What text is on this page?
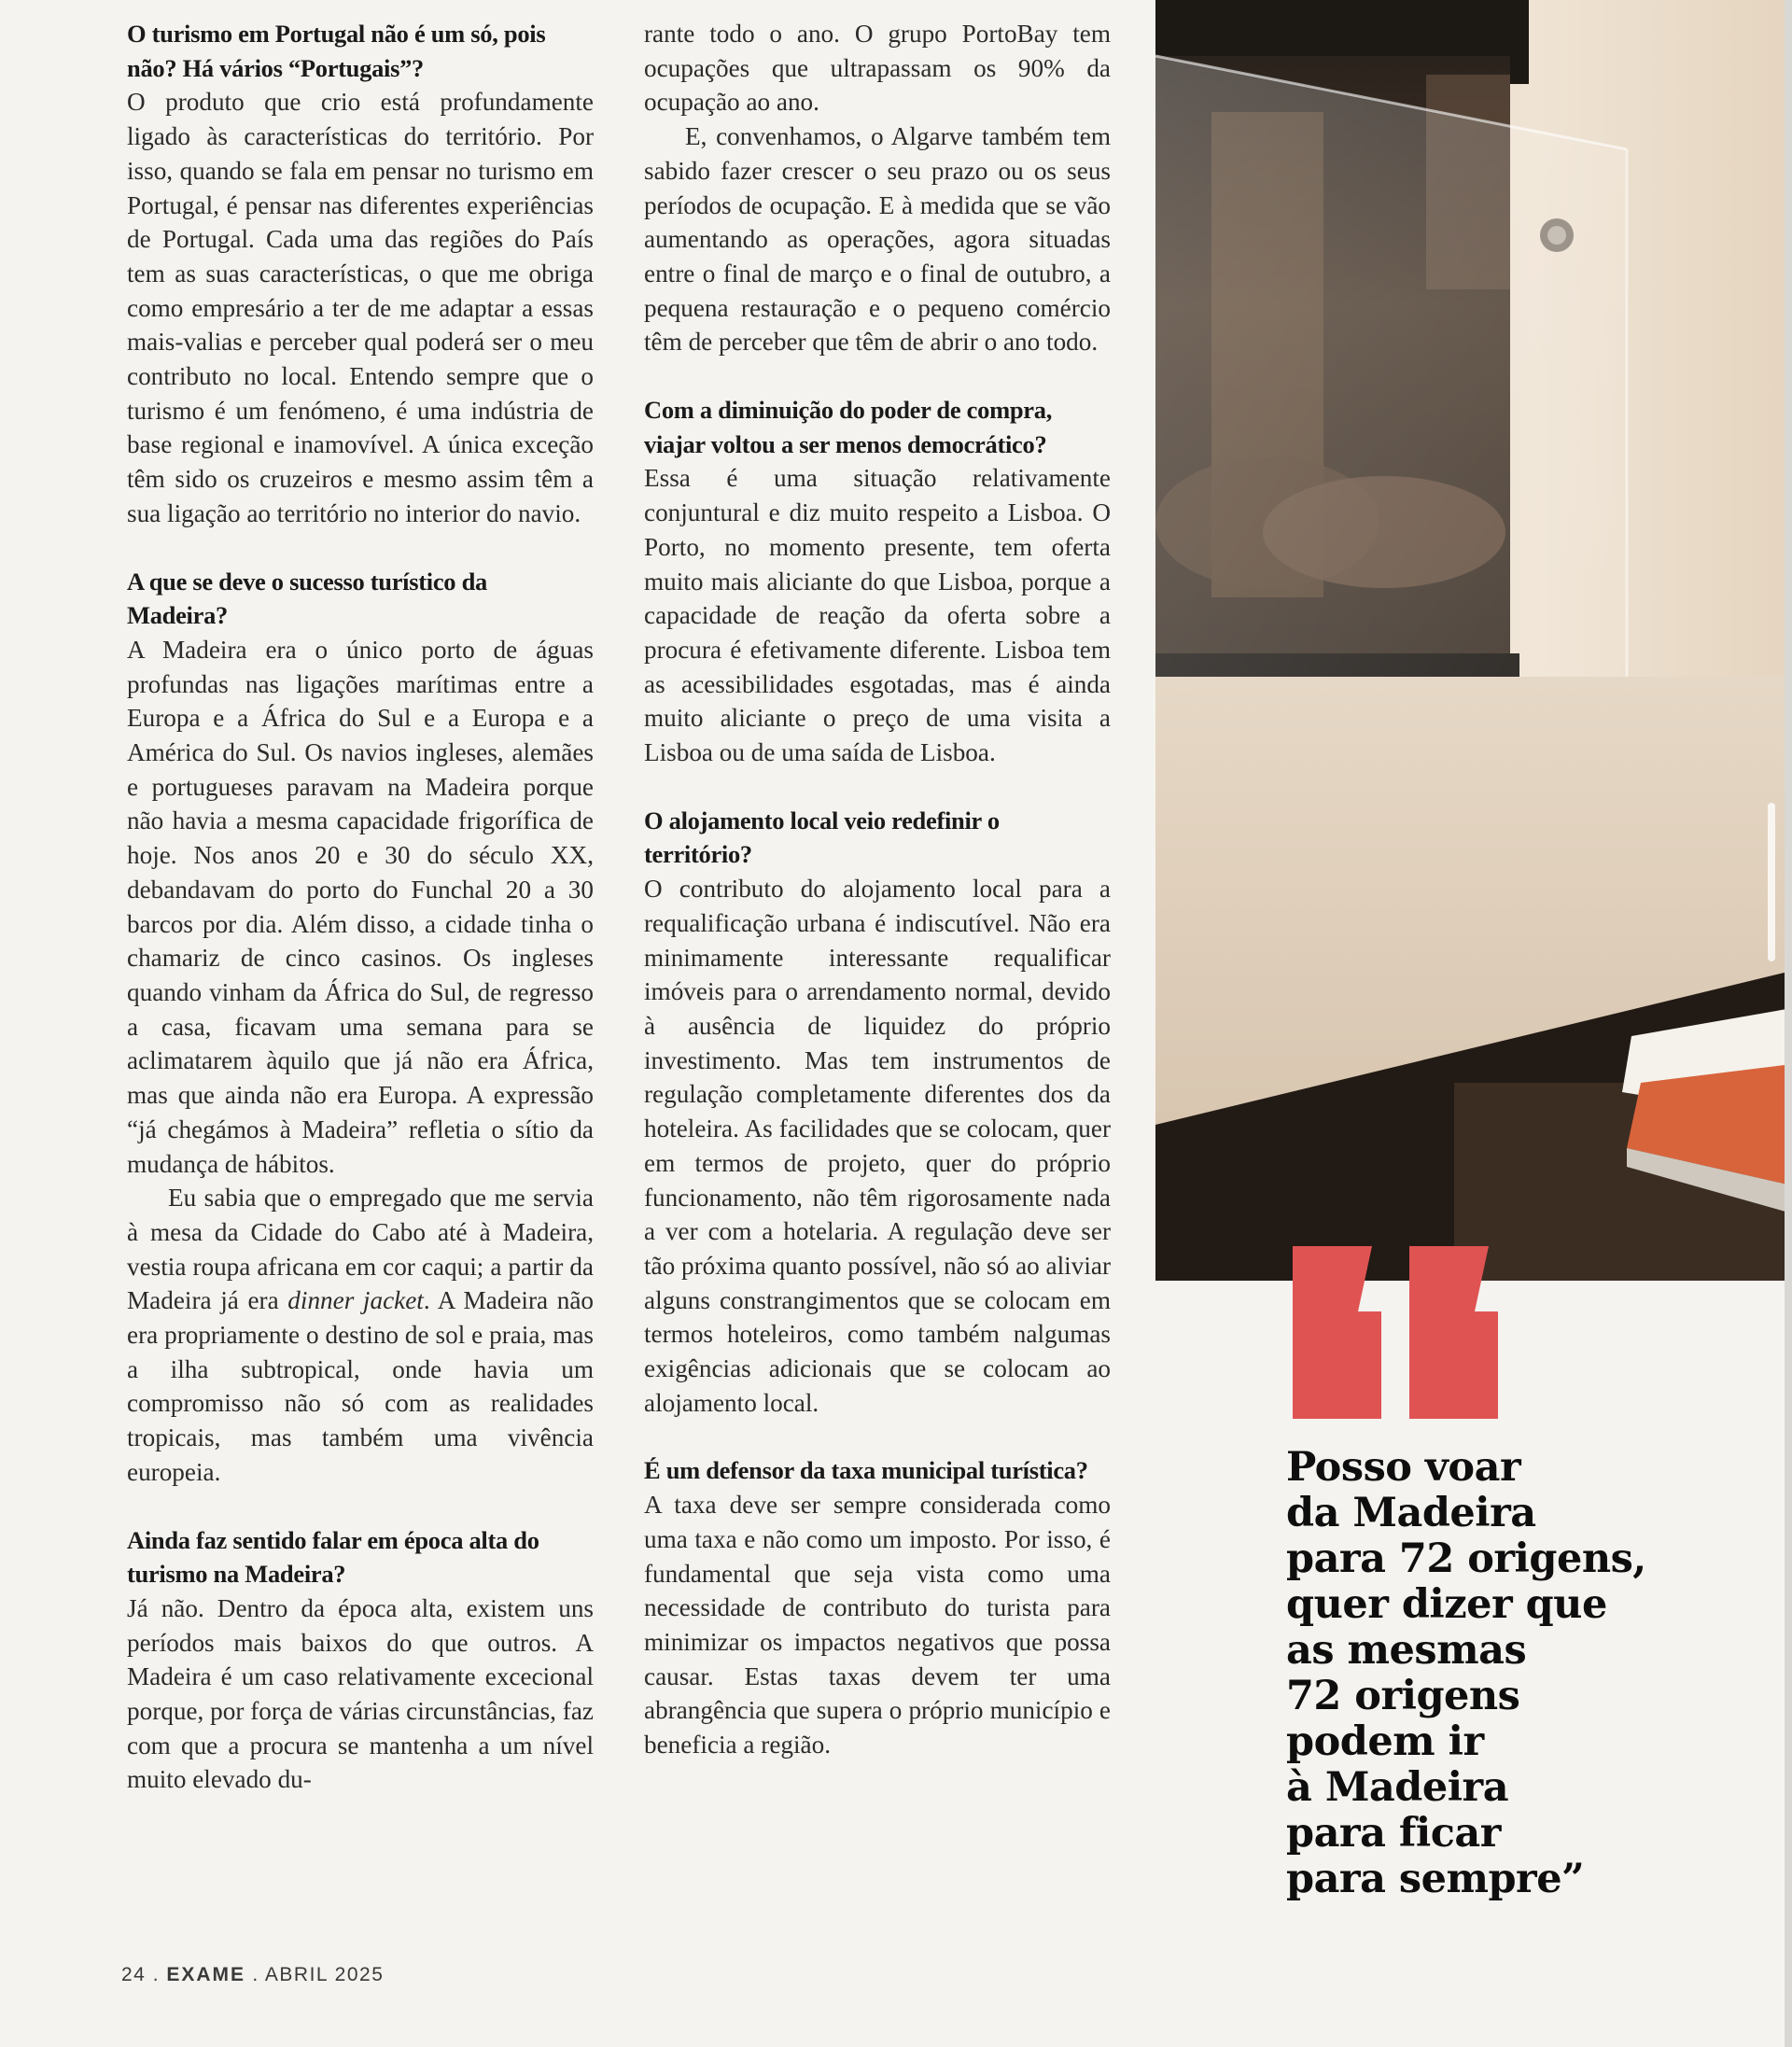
O turismo em Portugal não é um só, pois não? Há vários “Portugais”?

O produto que crio está profundamente ligado às características do território. Por isso, quando se fala em pensar no turismo em Portugal, é pensar nas diferentes experiências de Portugal. Cada uma das regiões do País tem as suas características, o que me obriga como empresário a ter de me adaptar a essas mais-valias e perceber qual poderá ser o meu contributo no local. Entendo sempre que o turismo é um fenómeno, é uma indústria de base regional e inamovível. A única exceção têm sido os cruzeiros e mesmo assim têm a sua ligação ao território no interior do navio.

A que se deve o sucesso turístico da Madeira?

A Madeira era o único porto de águas profundas nas ligações marítimas entre a Europa e a África do Sul e a Europa e a América do Sul. Os navios ingleses, alemães e portugueses paravam na Madeira porque não havia a mesma capacidade frigorífica de hoje. Nos anos 20 e 30 do século XX, debandavam do porto do Funchal 20 a 30 barcos por dia. Além disso, a cidade tinha o chamariz de cinco casinos. Os ingleses quando vinham da África do Sul, de regresso a casa, ficavam uma semana para se aclimatarem àquilo que já não era África, mas que ainda não era Europa. A expressão “já chegámos à Madeira” refletia o sítio da mudança de hábitos.

Eu sabia que o empregado que me servia à mesa da Cidade do Cabo até à Madeira, vestia roupa africana em cor caqui; a partir da Madeira já era dinner jacket. A Madeira não era propriamente o destino de sol e praia, mas a ilha subtropical, onde havia um compromisso não só com as realidades tropicais, mas também uma vivência europeia.

Ainda faz sentido falar em época alta do turismo na Madeira?

Já não. Dentro da época alta, existem uns períodos mais baixos do que outros. A Madeira é um caso relativamente excecional porque, por força de várias circunstâncias, faz com que a procura se mantenha a um nível muito elevado du-

rante todo o ano. O grupo PortoBay tem ocupações que ultrapassam os 90% da ocupação ao ano.

E, convenhamos, o Algarve também tem sabido fazer crescer o seu prazo ou os seus períodos de ocupação. E à medida que se vão aumentando as operações, agora situadas entre o final de março e o final de outubro, a pequena restauração e o pequeno comércio têm de perceber que têm de abrir o ano todo.

Com a diminuição do poder de compra, viajar voltou a ser menos democrático?

Essa é uma situação relativamente conjuntural e diz muito respeito a Lisboa. O Porto, no momento presente, tem oferta muito mais aliciante do que Lisboa, porque a capacidade de reação da oferta sobre a procura é efetivamente diferente. Lisboa tem as acessibilidades esgotadas, mas é ainda muito aliciante o preço de uma visita a Lisboa ou de uma saída de Lisboa.

O alojamento local veio redefinir o território?

O contributo do alojamento local para a requalificação urbana é indiscutível. Não era minimamente interessante requalificar imóveis para o arrendamento normal, devido à ausência de liquidez do próprio investimento. Mas tem instrumentos de regulação completamente diferentes dos da hoteleira. As facilidades que se colocam, quer em termos de projeto, quer do próprio funcionamento, não têm rigorosamente nada a ver com a hotelaria. A regulação deve ser tão próxima quanto possível, não só ao aliviar alguns constrangimentos que se colocam em termos hoteleiros, como também nalgumas exigências adicionais que se colocam ao alojamento local.

É um defensor da taxa municipal turística?

A taxa deve ser sempre considerada como uma taxa e não como um imposto. Por isso, é fundamental que seja vista como uma necessidade de contributo do turista para minimizar os impactos negativos que possa causar. Estas taxas devem ter uma abrangência que supera o próprio município e beneficia a região.

Posso voar
da Madeira
para 72 origens,
quer dizer que
as mesmas
72 origens
podem ir
à Madeira
para ficar
para sempre”
24 . EXAME . ABRIL 2025
